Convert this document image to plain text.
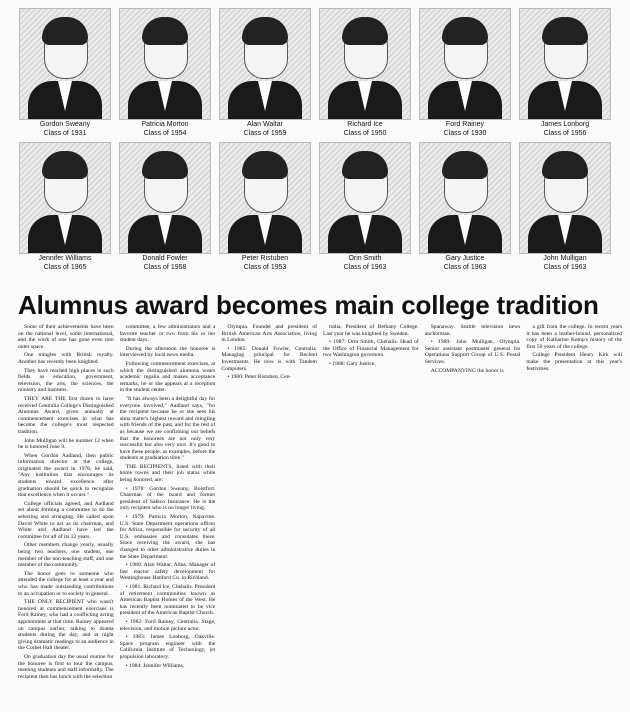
Gordon Sweany
Class of 1931
Patricia Morton
Class of 1954
Alan Waltar
Class of 1959
Richard Ice
Class of 1950
Ford Rainey
Class of 1930
James Lonborg
Class of 1956
Jennifer Williams
Class of 1965
Donald Fowler
Class of 1958
Peter Ristuben
Class of 1953
Orin Smith
Class of 1963
Gary Justice
Class of 1963
John Mulligan
Class of 1963
Alumnus award becomes main college tradition

Some of their achievements have been on the national level, some international, and the work of one has gone even into outer space.

One mingles with British royalty. Another has recently been knighted.

They have reached high places in such fields as education, government, television, the arts, the sciences, the ministry and business.

THEY ARE THE first dozen to have received Centralia College's Distinguished Alumnus Award, given annually at commencement exercises in what has become the college's most respected tradition.

John Mulligan will be number 12 when he is honored June 9.

When Gordon Aadland, then public information director at the college, originated the award in 1978, he said, "Any institution that encourages its students toward excellence after graduation should be quick to recognize that excellence when it occurs."

College officials agreed, and Aadland set about forming a committee to do the selecting and arranging. He called upon David White to act as its chairman, and White and Aadland have led the committee for all of its 12 years.

Other members change yearly, usually being two teachers, one student, one member of the non-teaching staff, and one member of the community.

The honor goes to someone who attended the college for at least a year and who has made outstanding contributions to an occupation or to society in general.

THE ONLY RECIPIENT who wasn't honored at commencement exercises is Ford Rainey, who had a conflicting acting appointment at that time. Rainey appeared on campus earlier, talking to drama students during the day, and at night giving dramatic readings to an audience in the Corbet Hall theater.

On graduation day the usual routine for the honoree is first to tour the campus, meeting students and staff informally. The recipient then has lunch with the selection

committee, a few administrators and a favorite teacher or two from his or her student days.

During the afternoon the honoree is interviewed by local news media.

Following commencement exercises, at which the distinguished alumnus wears academic regalia and makes acceptance remarks, he or she appears at a reception in the student center.

"It has always been a delightful day for everyone involved," Aadland says, "for the recipient because he or she sees his alma mater's highest reward and mingling with friends of the past, and for the rest of us because we are confirming our beliefs that the honorees are not only very successful but also very nice. It's good to have these people, as examples, before the students at graduation time."

THE RECIPIENTS, listed with their home towns and their job status while being honored, are:

• 1978: Gordon Sweany, Boistfort. Chairman of the board and former president of Safeco Insurance. He is the only recipient who is no longer living.

• 1979: Patricia Morton, Napavine. U.S. State Department operations officer for Africa, responsible for security of all U.S. embassies and consulates there. Since receiving the award, she has changed to other administrative duties in the State Department.

• 1980: Alan Waltar, Adna. Manager of fast reactor safety development for Westinghouse Hanford Co. in Richland.

• 1981: Richard Ice, Chehalis. President of retirement communities known as American Baptist Homes of the West. He has recently been nominated to be vice president of the American Baptist Church.

• 1982: Ford Rainey, Centralia. Stage, television, and motion picture actor.

• 1983: James Lonborg, Oakville. Space program engineer with the California Institute of Technology, jet propulsion laboratory.

• 1984: Jennifer Williams,

Olympia. Founder and president of British American Arts Association, living in London.

• 1985: Donald Fowler, Centralia. Managing principal for Bechtel Investments. He now is with Tandem Computers.

• 1986: Peter Ristuben, Cen-

tralia. President of Bethany College. Last year he was knighted by Sweden.

• 1987: Orin Smith, Chehalis. Head of the Office of Financial Management for two Washington governors.

• 1988: Gary Justice,

Spanaway. Seattle television news anchorman.

• 1989: John Mulligan, Olympia. Senior assistant postmaster general for Operations Support Group of U.S. Postal Services.

ACCOMPANYING the honor is

a gift from the college. In recent years it has been a leather-bound, personalized copy of Katharine Kemp's history of the first 50 years of the college.

College President Henry Kirk will make the presentation at this year's festivities.
